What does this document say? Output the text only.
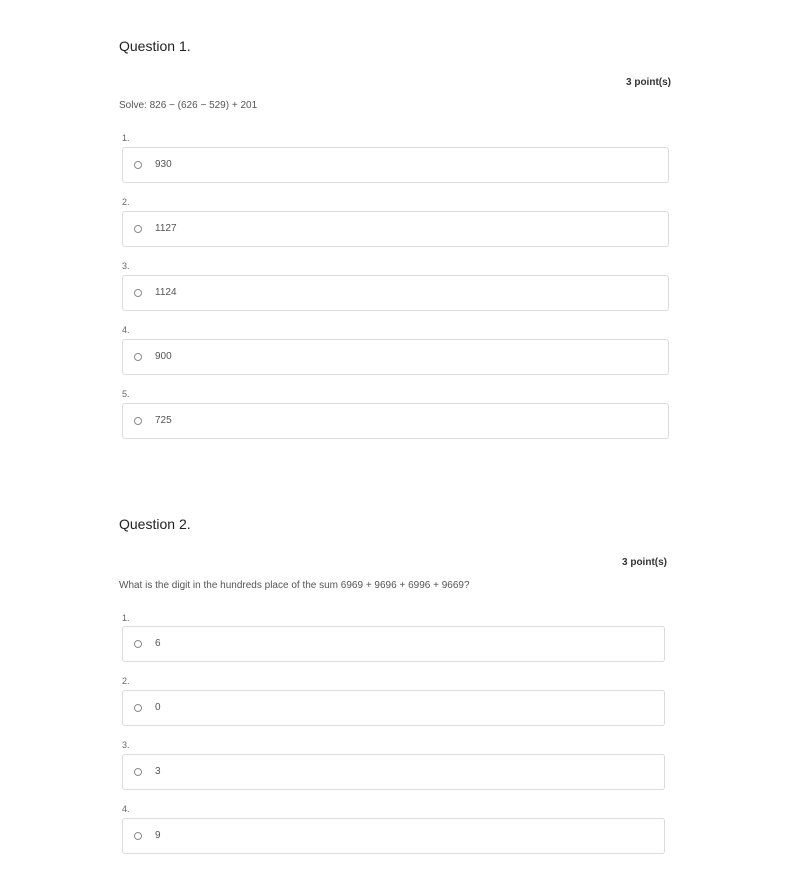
Question 1.
3 point(s)
Solve: 826 − (626 − 529) + 201
1.
930
2.
1127
3.
1124
4.
900
5.
725
Question 2.
3 point(s)
What is the digit in the hundreds place of the sum 6969 + 9696 + 6996 + 9669?
1.
6
2.
0
3.
3
4.
9
